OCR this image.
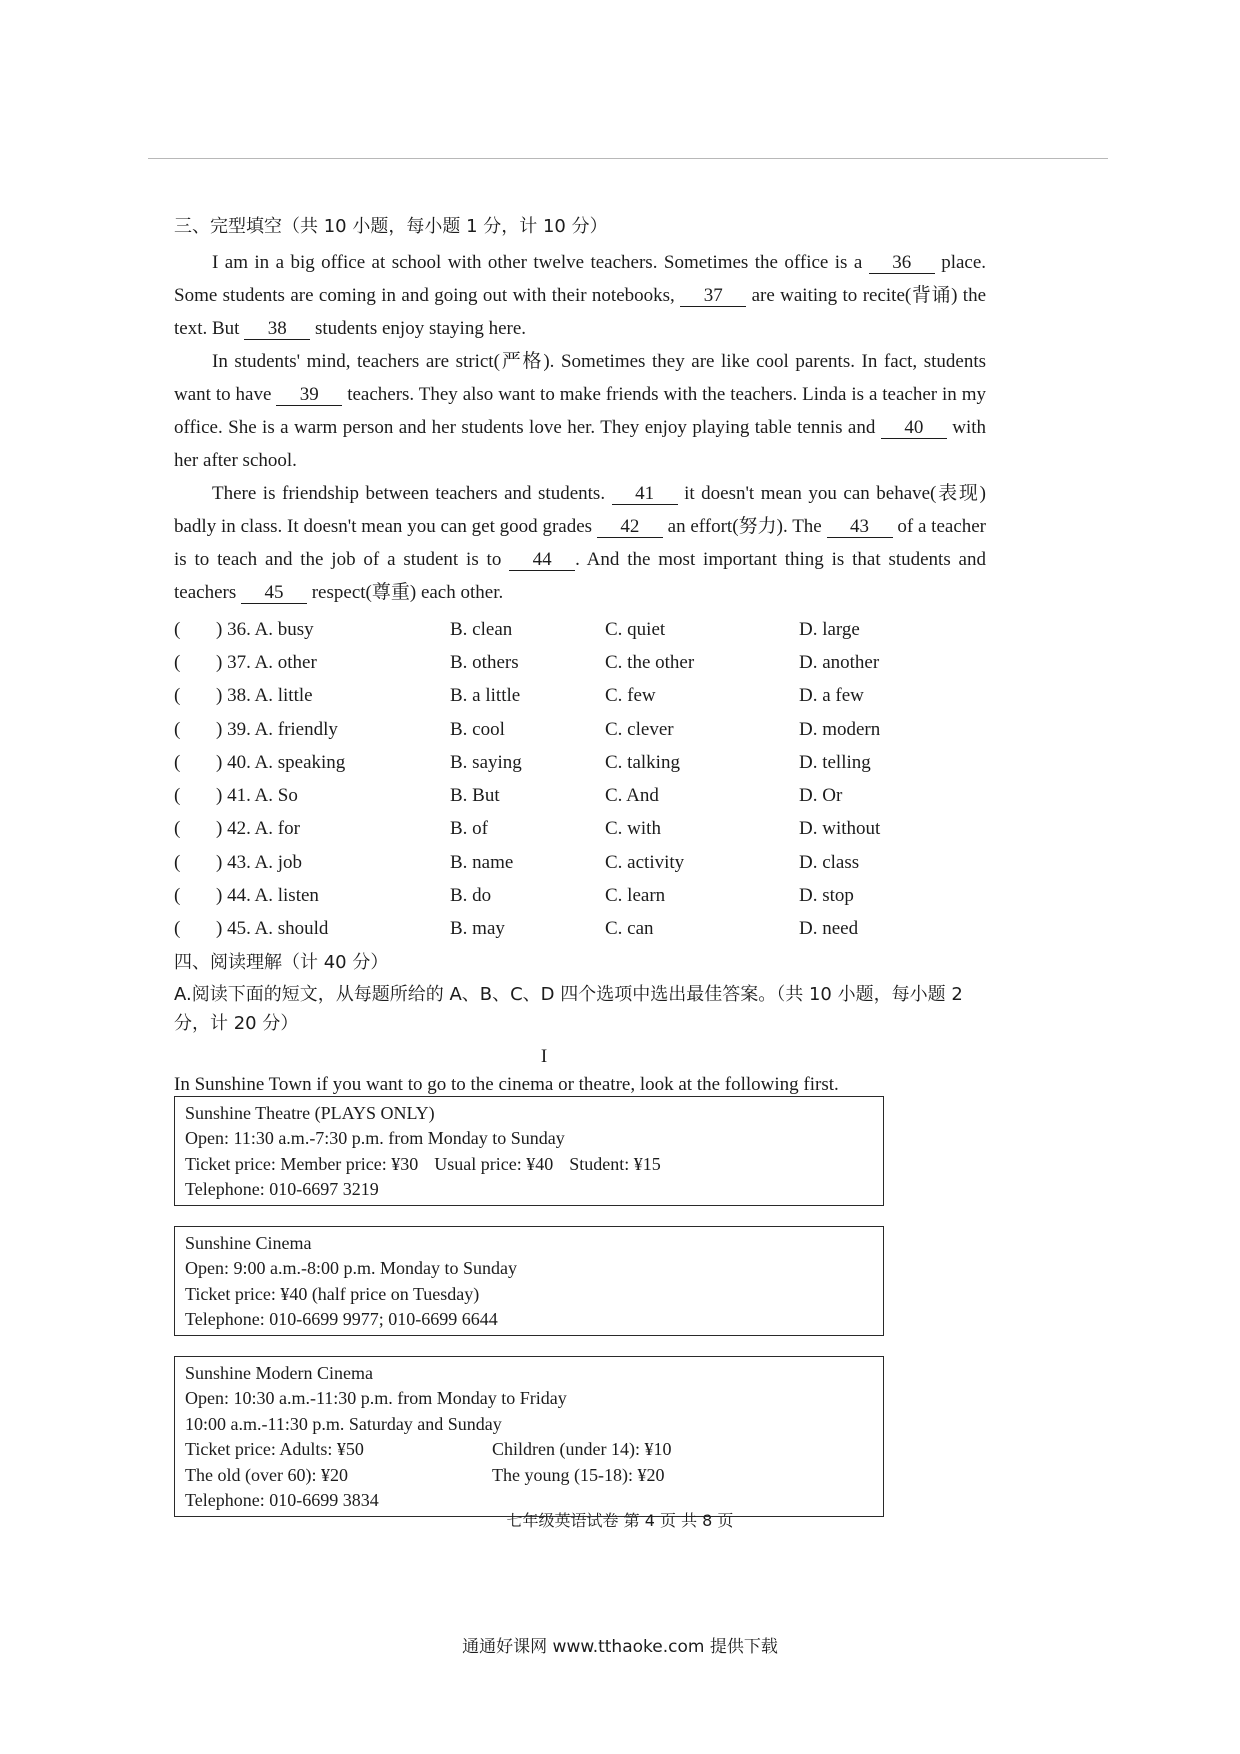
三、完型填空（共 10 小题，每小题 1 分，计 10 分）

I am in a big office at school with other twelve teachers. Sometimes the office is a 36 place. Some students are coming in and going out with their notebooks, 37 are waiting to recite(背诵) the text. But 38 students enjoy staying here.

In students' mind, teachers are strict(严格). Sometimes they are like cool parents. In fact, students want to have 39 teachers. They also want to make friends with the teachers. Linda is a teacher in my office. She is a warm person and her students love her. They enjoy playing table tennis and 40 with her after school.

There is friendship between teachers and students. 41 it doesn't mean you can behave(表现) badly in class. It doesn't mean you can get good grades 42 an effort(努力). The 43 of a teacher is to teach and the job of a student is to 44 . And the most important thing is that students and teachers 45 respect(尊重) each other.

(	) 36. A. busy	B. clean	C. quiet	D. large
(	) 37. A. other	B. others	C. the other	D. another
(	) 38. A. little	B. a little	C. few	D. a few
(	) 39. A. friendly	B. cool	C. clever	D. modern
(	) 40. A. speaking	B. saying	C. talking	D. telling
(	) 41. A. So	B. But	C. And	D. Or
(	) 42. A. for	B. of	C. with	D. without
(	) 43. A. job	B. name	C. activity	D. class
(	) 44. A. listen	B. do	C. learn	D. stop
(	) 45. A. should	B. may	C. can	D. need
四、阅读理解（计 40 分）

A.阅读下面的短文，从每题所给的 A、B、C、D 四个选项中选出最佳答案。（共 10 小题，每小题 2 分，计 20 分）

I
In Sunshine Town if you want to go to the cinema or theatre, look at the following first.
Sunshine Theatre (PLAYS ONLY)
Open: 11:30 a.m.-7:30 p.m. from Monday to Sunday
Ticket price: Member price: ¥30 Usual price: ¥40 Student: ¥15
Telephone: 010-6697 3219
Sunshine Cinema
Open: 9:00 a.m.-8:00 p.m. Monday to Sunday
Ticket price: ¥40 (half price on Tuesday)
Telephone: 010-6699 9977; 010-6699 6644
Sunshine Modern Cinema
Open: 10:30 a.m.-11:30 p.m. from Monday to Friday
10:00 a.m.-11:30 p.m. Saturday and Sunday
Ticket price: Adults: ¥50	Children (under 14): ¥10
The old (over 60): ¥20	The young (15-18): ¥20
Telephone: 010-6699 3834
七年级英语试卷 第 4 页 共 8 页
通通好课网 www.tthaoke.com 提供下载
